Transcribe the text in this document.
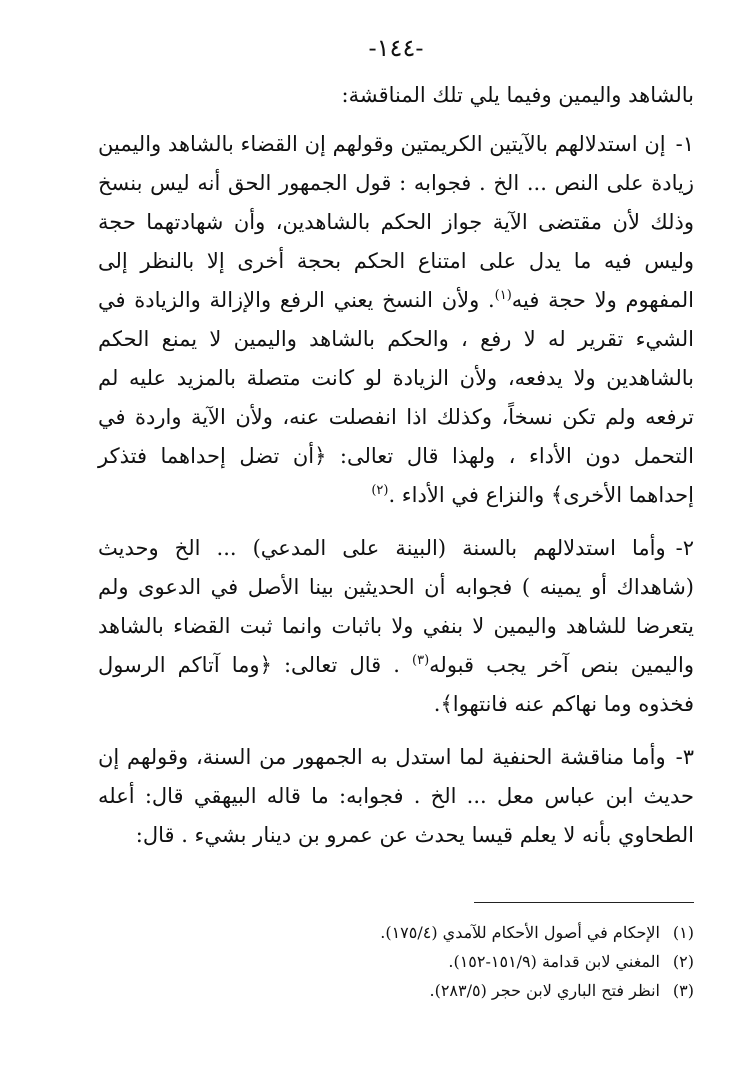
-١٤٤-

بالشاهد واليمين وفيما يلي تلك المناقشة:

١-إن استدلالهم بالآيتين الكريمتين وقولهم إن القضاء بالشاهد واليمين زيادة على النص ... الخ . فجوابه : قول الجمهور الحق أنه ليس بنسخ وذلك لأن مقتضى الآية جواز الحكم بالشاهدين، وأن شهادتهما حجة وليس فيه ما يدل على امتناع الحكم بحجة أخرى إلا بالنظر إلى المفهوم ولا حجة فيه$^{(١)}$. ولأن النسخ يعني الرفع والإزالة والزيادة في الشيء تقرير له لا رفع ، والحكم بالشاهد واليمين لا يمنع الحكم بالشاهدين ولا يدفعه، ولأن الزيادة لو كانت متصلة بالمزيد عليه لم ترفعه ولم تكن نسخاً، وكذلك اذا انفصلت عنه، ولأن الآية واردة في التحمل دون الأداء ، ولهذا قال تعالى: ﴿أن تضل إحداهما فتذكر إحداهما الأخرى﴾ والنزاع في الأداء .$^{(٢)}$

٢-وأما استدلالهم بالسنة (البينة على المدعي) ... الخ وحديث (شاهداك أو يمينه ) فجوابه أن الحديثين بينا الأصل في الدعوى ولم يتعرضا للشاهد واليمين لا بنفي ولا باثبات وانما ثبت القضاء بالشاهد واليمين بنص آخر يجب قبوله$^{(٣)}$ . قال تعالى: ﴿وما آتاكم الرسول فخذوه وما نهاكم عنه فانتهوا﴾.

٣-وأما مناقشة الحنفية لما استدل به الجمهور من السنة، وقولهم إن حديث ابن عباس معل ... الخ . فجوابه: ما قاله البيهقي قال: أعله الطحاوي بأنه لا يعلم قيسا يحدث عن عمرو بن دينار بشيء . قال:

(١)الإحكام في أصول الأحكام للآمدي (١٧٥/٤).
(٢)المغني لابن قدامة (١٥١/٩-١٥٢).
(٣)انظر فتح الباري لابن حجر (٢٨٣/٥).
